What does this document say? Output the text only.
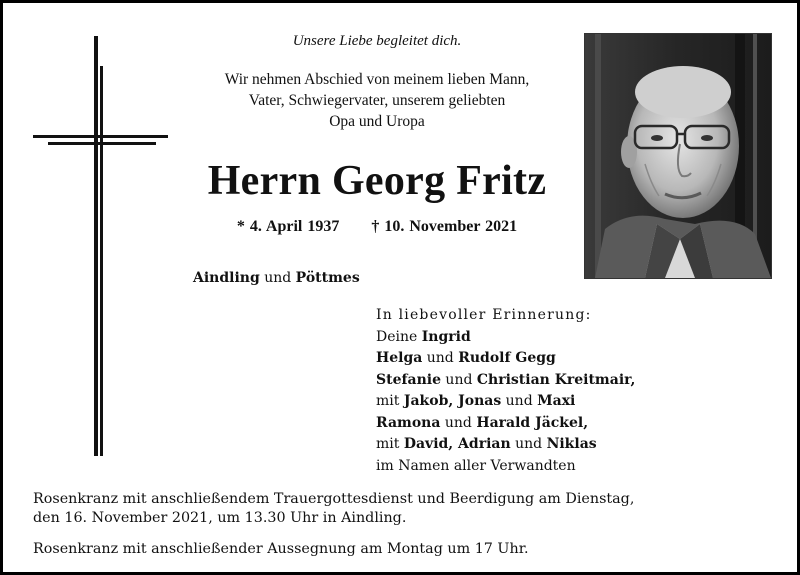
Unsere Liebe begleitet dich.
Wir nehmen Abschied von meinem lieben Mann,
Vater, Schwiegervater, unserem geliebten
Opa und Uropa
Herrn Georg Fritz
* 4. April 1937 † 10. November 2021
Aindling und Pöttmes
In liebevoller Erinnerung:
Deine Ingrid
Helga und Rudolf Gegg
Stefanie und Christian Kreitmair,
mit Jakob, Jonas und Maxi
Ramona und Harald Jäckel,
mit David, Adrian und Niklas
im Namen aller Verwandten
Rosenkranz mit anschließendem Trauergottesdienst und Beerdigung am Dienstag,
den 16. November 2021, um 13.30 Uhr in Aindling.
Rosenkranz mit anschließender Aussegnung am Montag um 17 Uhr.
